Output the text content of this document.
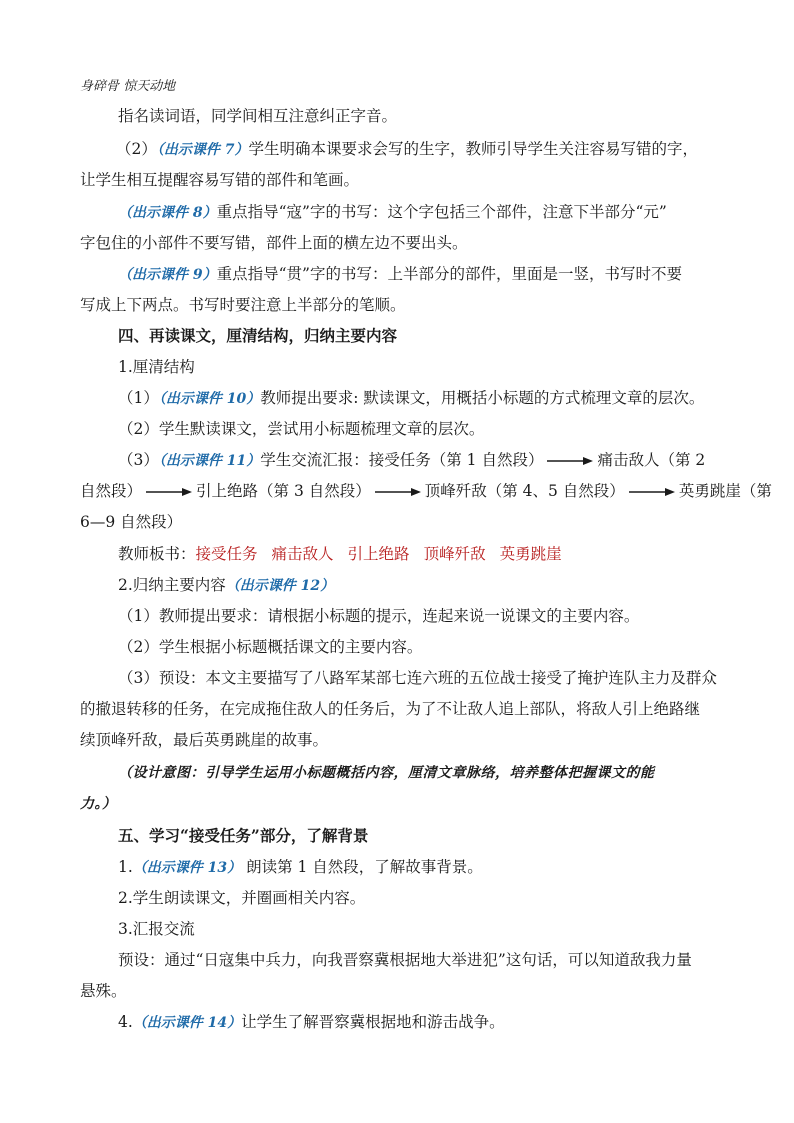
身碎骨 惊天动地
指名读词语，同学间相互注意纠正字音。
（2）（出示课件 7）学生明确本课要求会写的生字，教师引导学生关注容易写错的字，
让学生相互提醒容易写错的部件和笔画。
（出示课件 8）重点指导“寇”字的书写：这个字包括三个部件，注意下半部分“元”
字包住的小部件不要写错，部件上面的横左边不要出头。
（出示课件 9）重点指导“贯”字的书写：上半部分的部件，里面是一竖，书写时不要
写成上下两点。书写时要注意上半部分的笔顺。
四、再读课文，厘清结构，归纳主要内容
1.厘清结构
（1）（出示课件 10）教师提出要求: 默读课文，用概括小标题的方式梳理文章的层次。
（2）学生默读课文，尝试用小标题梳理文章的层次。
（3）（出示课件 11）学生交流汇报：接受任务（第 1 自然段）	痛击敌人（第 2
自然段）	引上绝路（第 3 自然段）	顶峰歼敌（第 4、5 自然段）	英勇跳崖（第
6—9 自然段）
教师板书：接受任务 痛击敌人 引上绝路 顶峰歼敌 英勇跳崖
2.归纳主要内容（出示课件 12）
（1）教师提出要求：请根据小标题的提示，连起来说一说课文的主要内容。
（2）学生根据小标题概括课文的主要内容。
（3）预设：本文主要描写了八路军某部七连六班的五位战士接受了掩护连队主力及群众
的撤退转移的任务，在完成拖住敌人的任务后，为了不让敌人追上部队，将敌人引上绝路继
续顶峰歼敌，最后英勇跳崖的故事。
（设计意图：引导学生运用小标题概括内容，厘清文章脉络，培养整体把握课文的能
力。）
五、学习“接受任务”部分，了解背景
1.（出示课件 13） 朗读第 1 自然段，了解故事背景。
2.学生朗读课文，并圈画相关内容。
3.汇报交流
预设：通过“日寇集中兵力，向我晋察冀根据地大举进犯”这句话，可以知道敌我力量
悬殊。
4.（出示课件 14）让学生了解晋察冀根据地和游击战争。
